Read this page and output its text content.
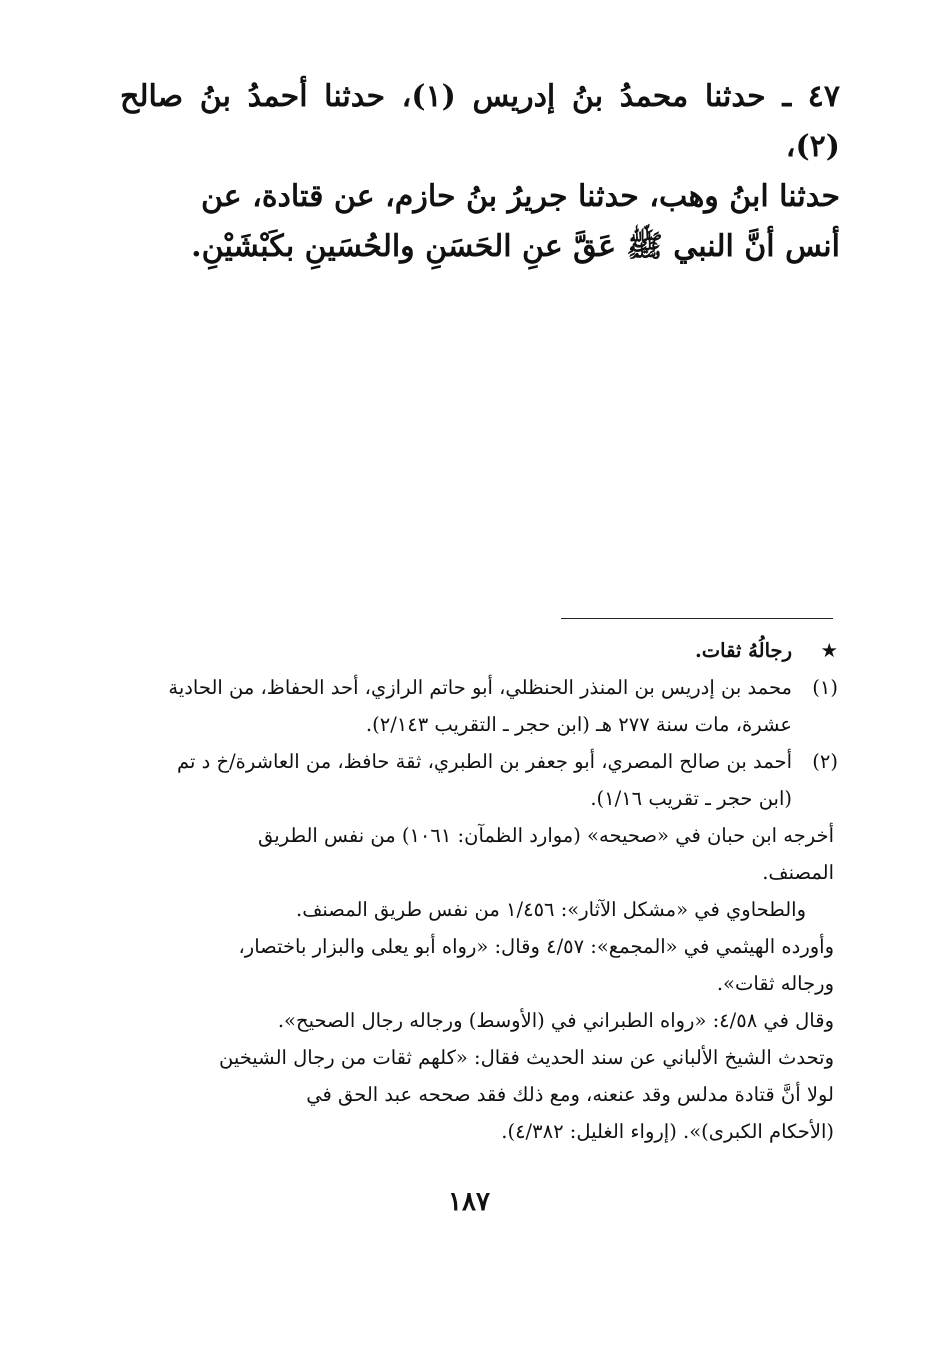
٤٧ ـ حدثنا محمدُ بنُ إدريس (١)، حدثنا أحمدُ بنُ صالح (٢)،

حدثنا ابنُ وهب، حدثنا جريرُ بنُ حازم، عن قتادة، عن

أنس أنَّ النبي ﷺ عَقَّ عنِ الحَسَنِ والحُسَينِ بكَبْشَيْنِ.

★

رجالُهُ ثقات.

(١)

محمد بن إدريس بن المنذر الحنظلي، أبو حاتم الرازي، أحد الحفاظ، من الحادية

عشرة، مات سنة ٢٧٧ هـ (ابن حجر ـ التقريب ٢/١٤٣).

(٢)

أحمد بن صالح المصري، أبو جعفر بن الطبري، ثقة حافظ، من العاشرة/خ د تم

(ابن حجر ـ تقريب ١/١٦).

أخرجه ابن حبان في «صحيحه» (موارد الظمآن: ١٠٦١) من نفس الطريق

المصنف.

والطحاوي في «مشكل الآثار»: ١/٤٥٦ من نفس طريق المصنف.

وأورده الهيثمي في «المجمع»: ٤/٥٧ وقال: «رواه أبو يعلى والبزار باختصار،

ورجاله ثقات».

وقال في ٤/٥٨: «رواه الطبراني في (الأوسط) ورجاله رجال الصحيح».

وتحدث الشيخ الألباني عن سند الحديث فقال: «كلهم ثقات من رجال الشيخين

لولا أنَّ قتادة مدلس وقد عنعنه، ومع ذلك فقد صححه عبد الحق في

(الأحكام الكبرى)». (إرواء الغليل: ٤/٣٨٢).

١٨٧
